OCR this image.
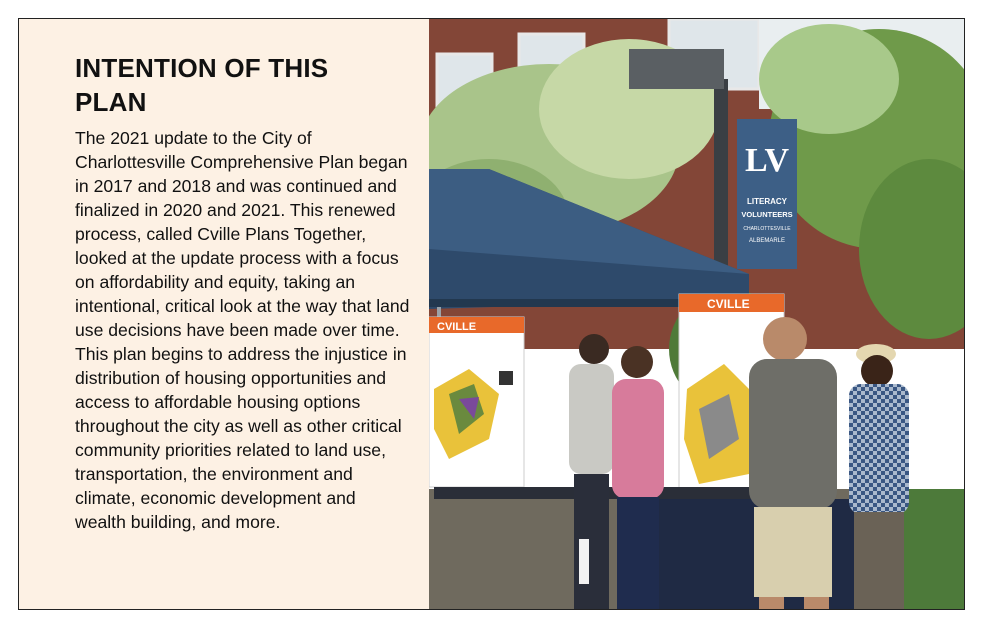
INTENTION OF THIS PLAN

The 2021 update to the City of Charlottesville Comprehensive Plan began in 2017 and 2018 and was continued and finalized in 2020 and 2021. This renewed process, called Cville Plans Together, looked at the update process with a focus on affordability and equity, taking an intentional, critical look at the way that land use decisions have been made over time. This plan begins to address the injustice in distribution of housing opportunities and access to affordable housing options throughout the city as well as other critical community priorities related to land use, transportation, the environment and climate, economic development and wealth building, and more.

LV
LITERACY
VOLUNTEERS
CHARLOTTESVILLE
ALBEMARLE
CVILLE
CVILLE
